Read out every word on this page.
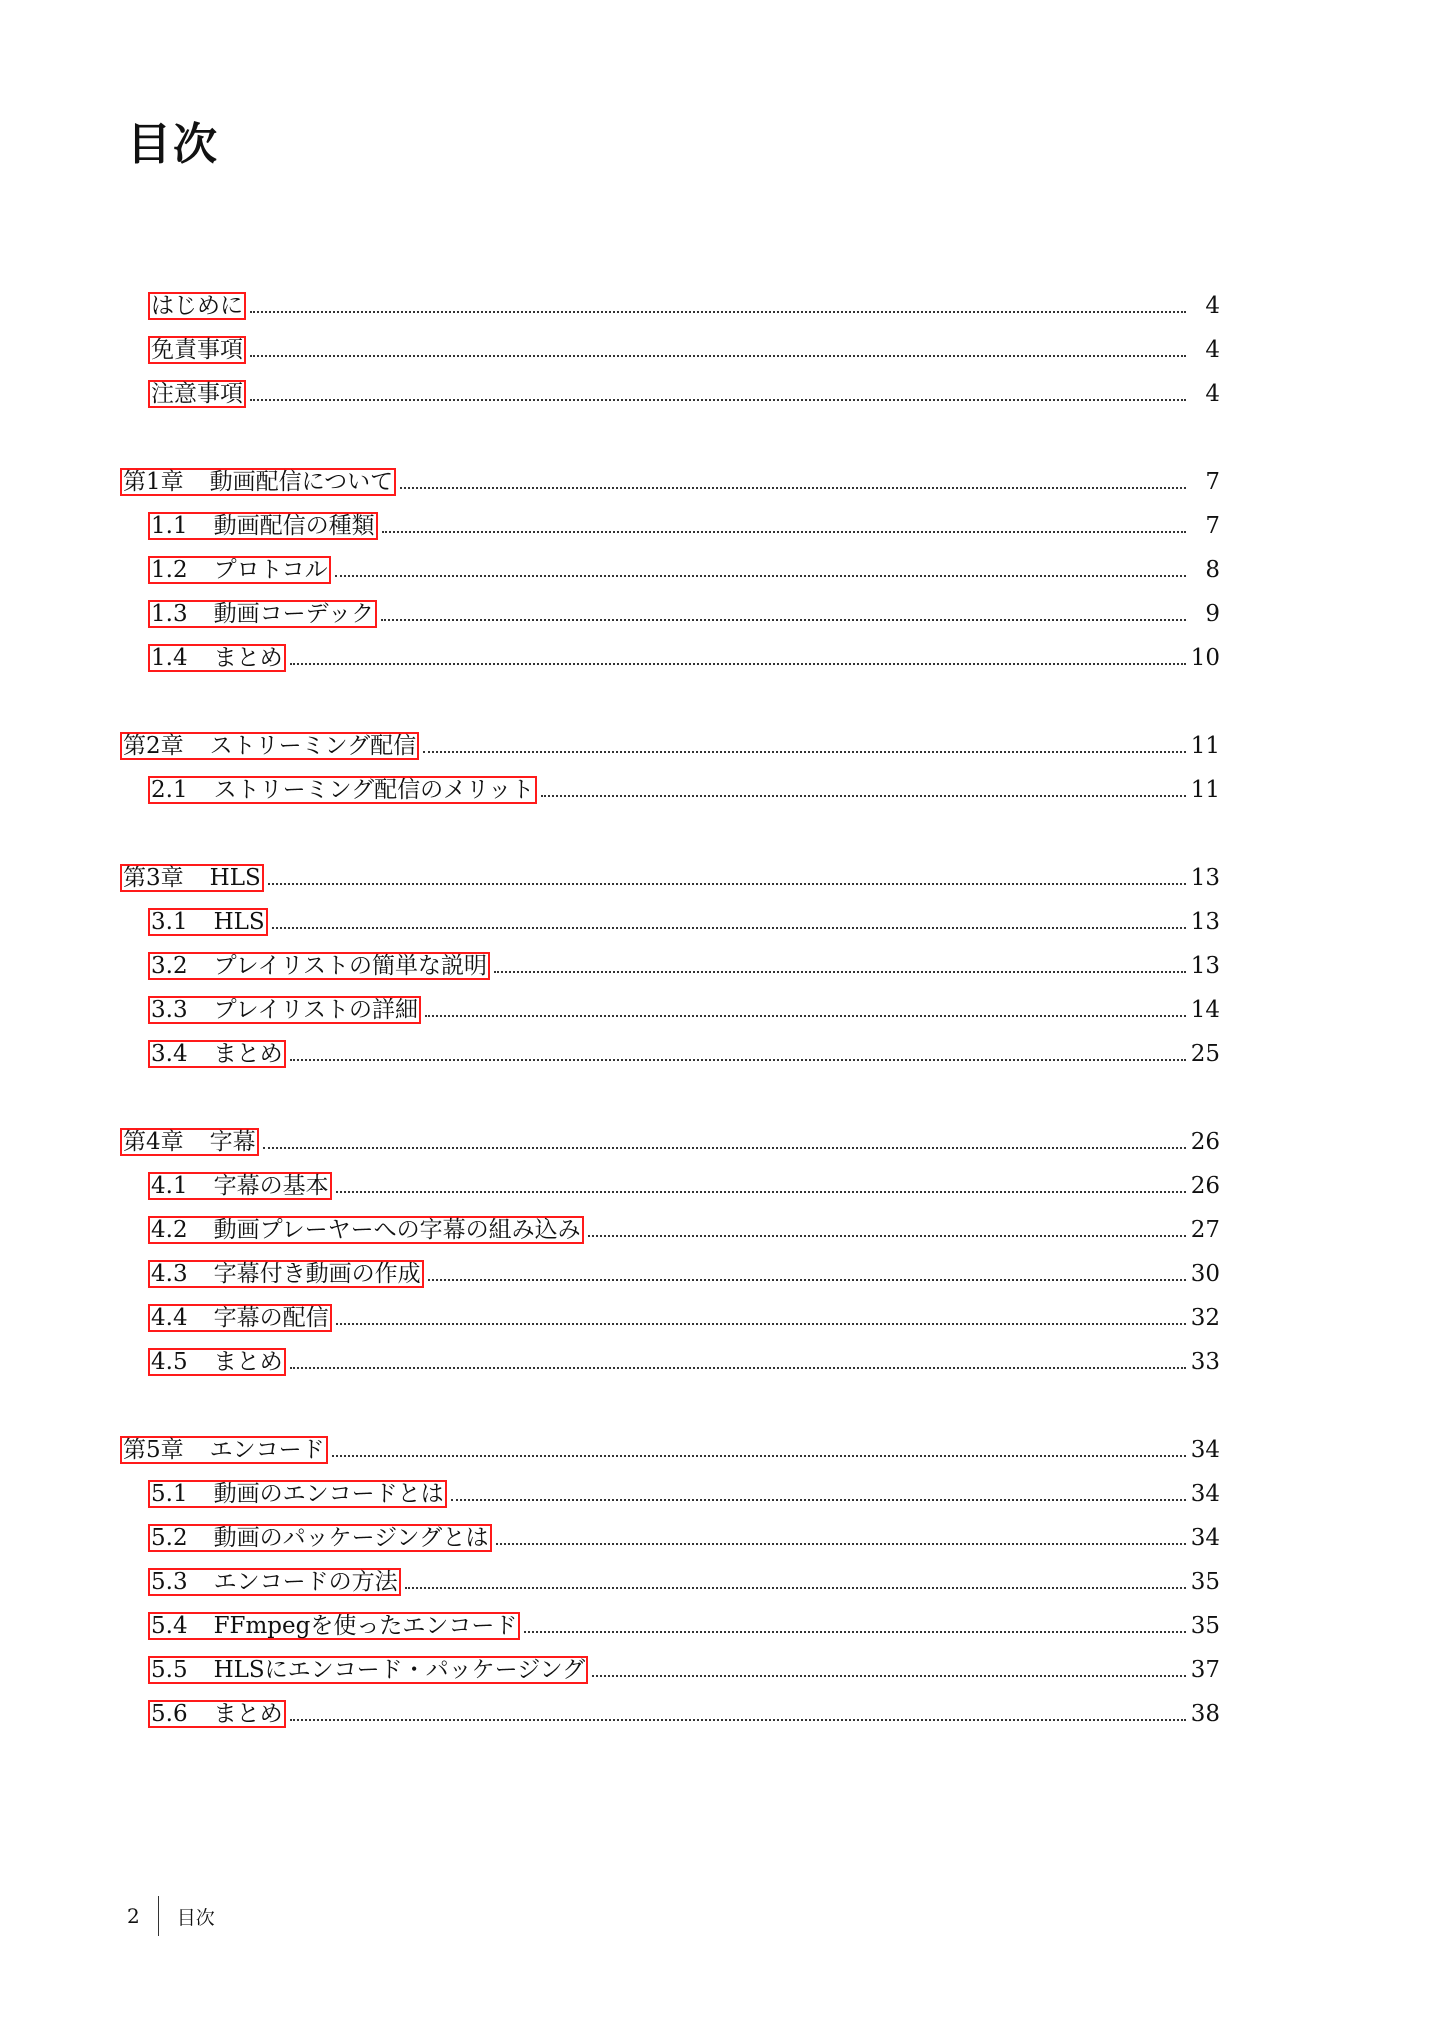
目次
はじめに	4
免責事項	4
注意事項	4
第1章 動画配信について	7
1.1 動画配信の種類	7
1.2 プロトコル	8
1.3 動画コーデック	9
1.4 まとめ	10
第2章 ストリーミング配信	11
2.1 ストリーミング配信のメリット	11
第3章 HLS	13
3.1 HLS	13
3.2 プレイリストの簡単な説明	13
3.3 プレイリストの詳細	14
3.4 まとめ	25
第4章 字幕	26
4.1 字幕の基本	26
4.2 動画プレーヤーへの字幕の組み込み	27
4.3 字幕付き動画の作成	30
4.4 字幕の配信	32
4.5 まとめ	33
第5章 エンコード	34
5.1 動画のエンコードとは	34
5.2 動画のパッケージングとは	34
5.3 エンコードの方法	35
5.4 FFmpegを使ったエンコード	35
5.5 HLSにエンコード・パッケージング	37
5.6 まとめ	38
2 目次
